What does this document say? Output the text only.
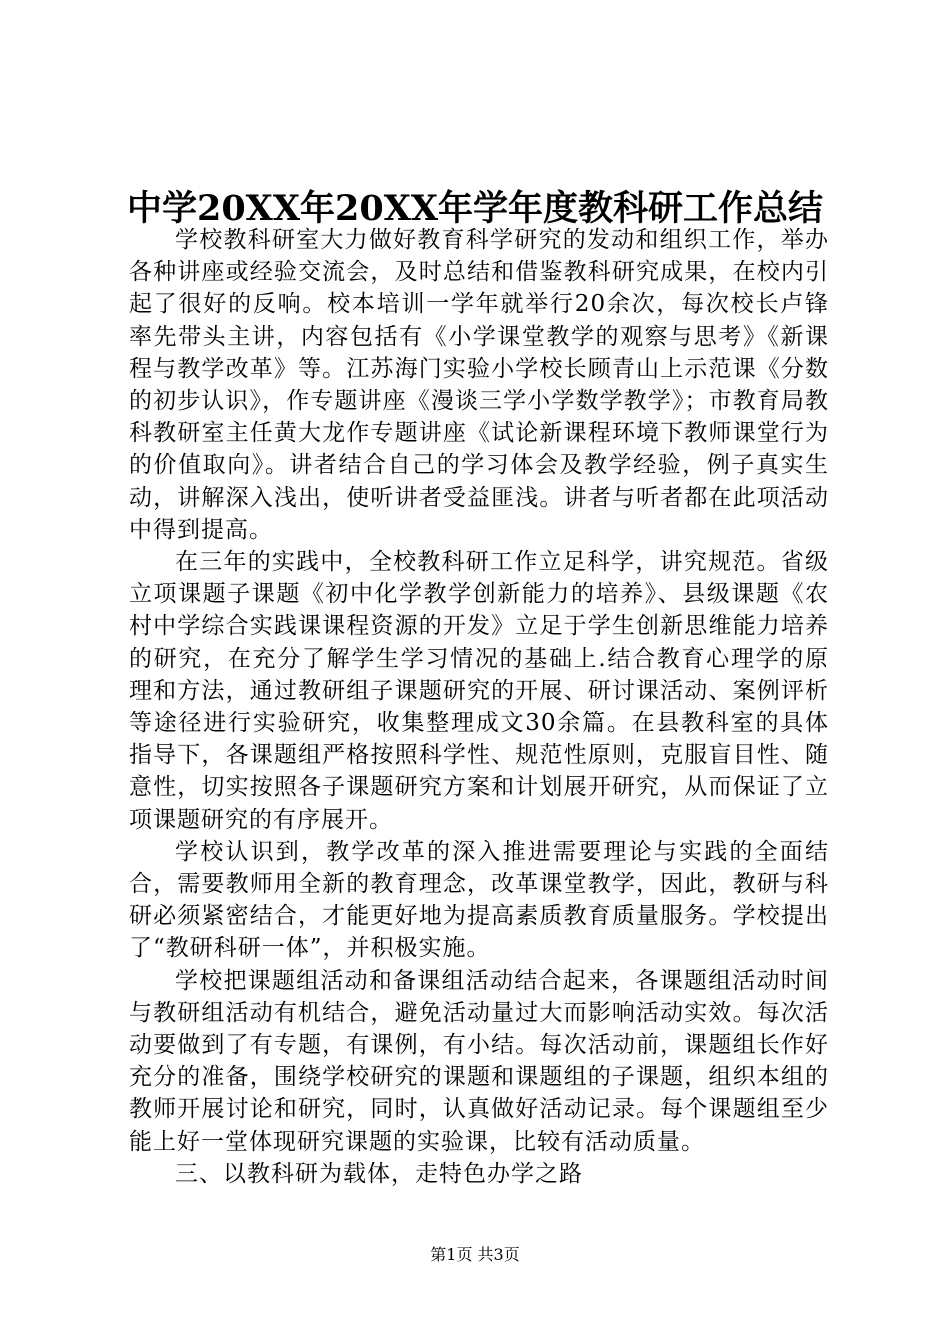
中学20XX年20XX年学年度教科研工作总结

学校教科研室大力做好教育科学研究的发动和组织工作，举办各种讲座或经验交流会，及时总结和借鉴教科研究成果，在校内引起了很好的反响。校本培训一学年就举行20余次，每次校长卢锋率先带头主讲，内容包括有《小学课堂教学的观察与思考》《新课程与教学改革》等。江苏海门实验小学校长顾青山上示范课《分数的初步认识》，作专题讲座《漫谈三学小学数学教学》；市教育局教科教研室主任黄大龙作专题讲座《试论新课程环境下教师课堂行为的价值取向》。讲者结合自己的学习体会及教学经验，例子真实生动，讲解深入浅出，使听讲者受益匪浅。讲者与听者都在此项活动中得到提高。

在三年的实践中，全校教科研工作立足科学，讲究规范。省级立项课题子课题《初中化学教学创新能力的培养》、县级课题《农村中学综合实践课课程资源的开发》立足于学生创新思维能力培养的研究，在充分了解学生学习情况的基础上.结合教育心理学的原理和方法，通过教研组子课题研究的开展、研讨课活动、案例评析等途径进行实验研究，收集整理成文30余篇。在县教科室的具体指导下，各课题组严格按照科学性、规范性原则，克服盲目性、随意性，切实按照各子课题研究方案和计划展开研究，从而保证了立项课题研究的有序展开。

学校认识到，教学改革的深入推进需要理论与实践的全面结合，需要教师用全新的教育理念，改革课堂教学，因此，教研与科研必须紧密结合，才能更好地为提高素质教育质量服务。学校提出了“教研科研一体”，并积极实施。

学校把课题组活动和备课组活动结合起来，各课题组活动时间与教研组活动有机结合，避免活动量过大而影响活动实效。每次活动要做到了有专题，有课例，有小结。每次活动前，课题组长作好充分的准备，围绕学校研究的课题和课题组的子课题，组织本组的教师开展讨论和研究，同时，认真做好活动记录。每个课题组至少能上好一堂体现研究课题的实验课，比较有活动质量。

三、以教科研为载体，走特色办学之路

第1页 共3页
